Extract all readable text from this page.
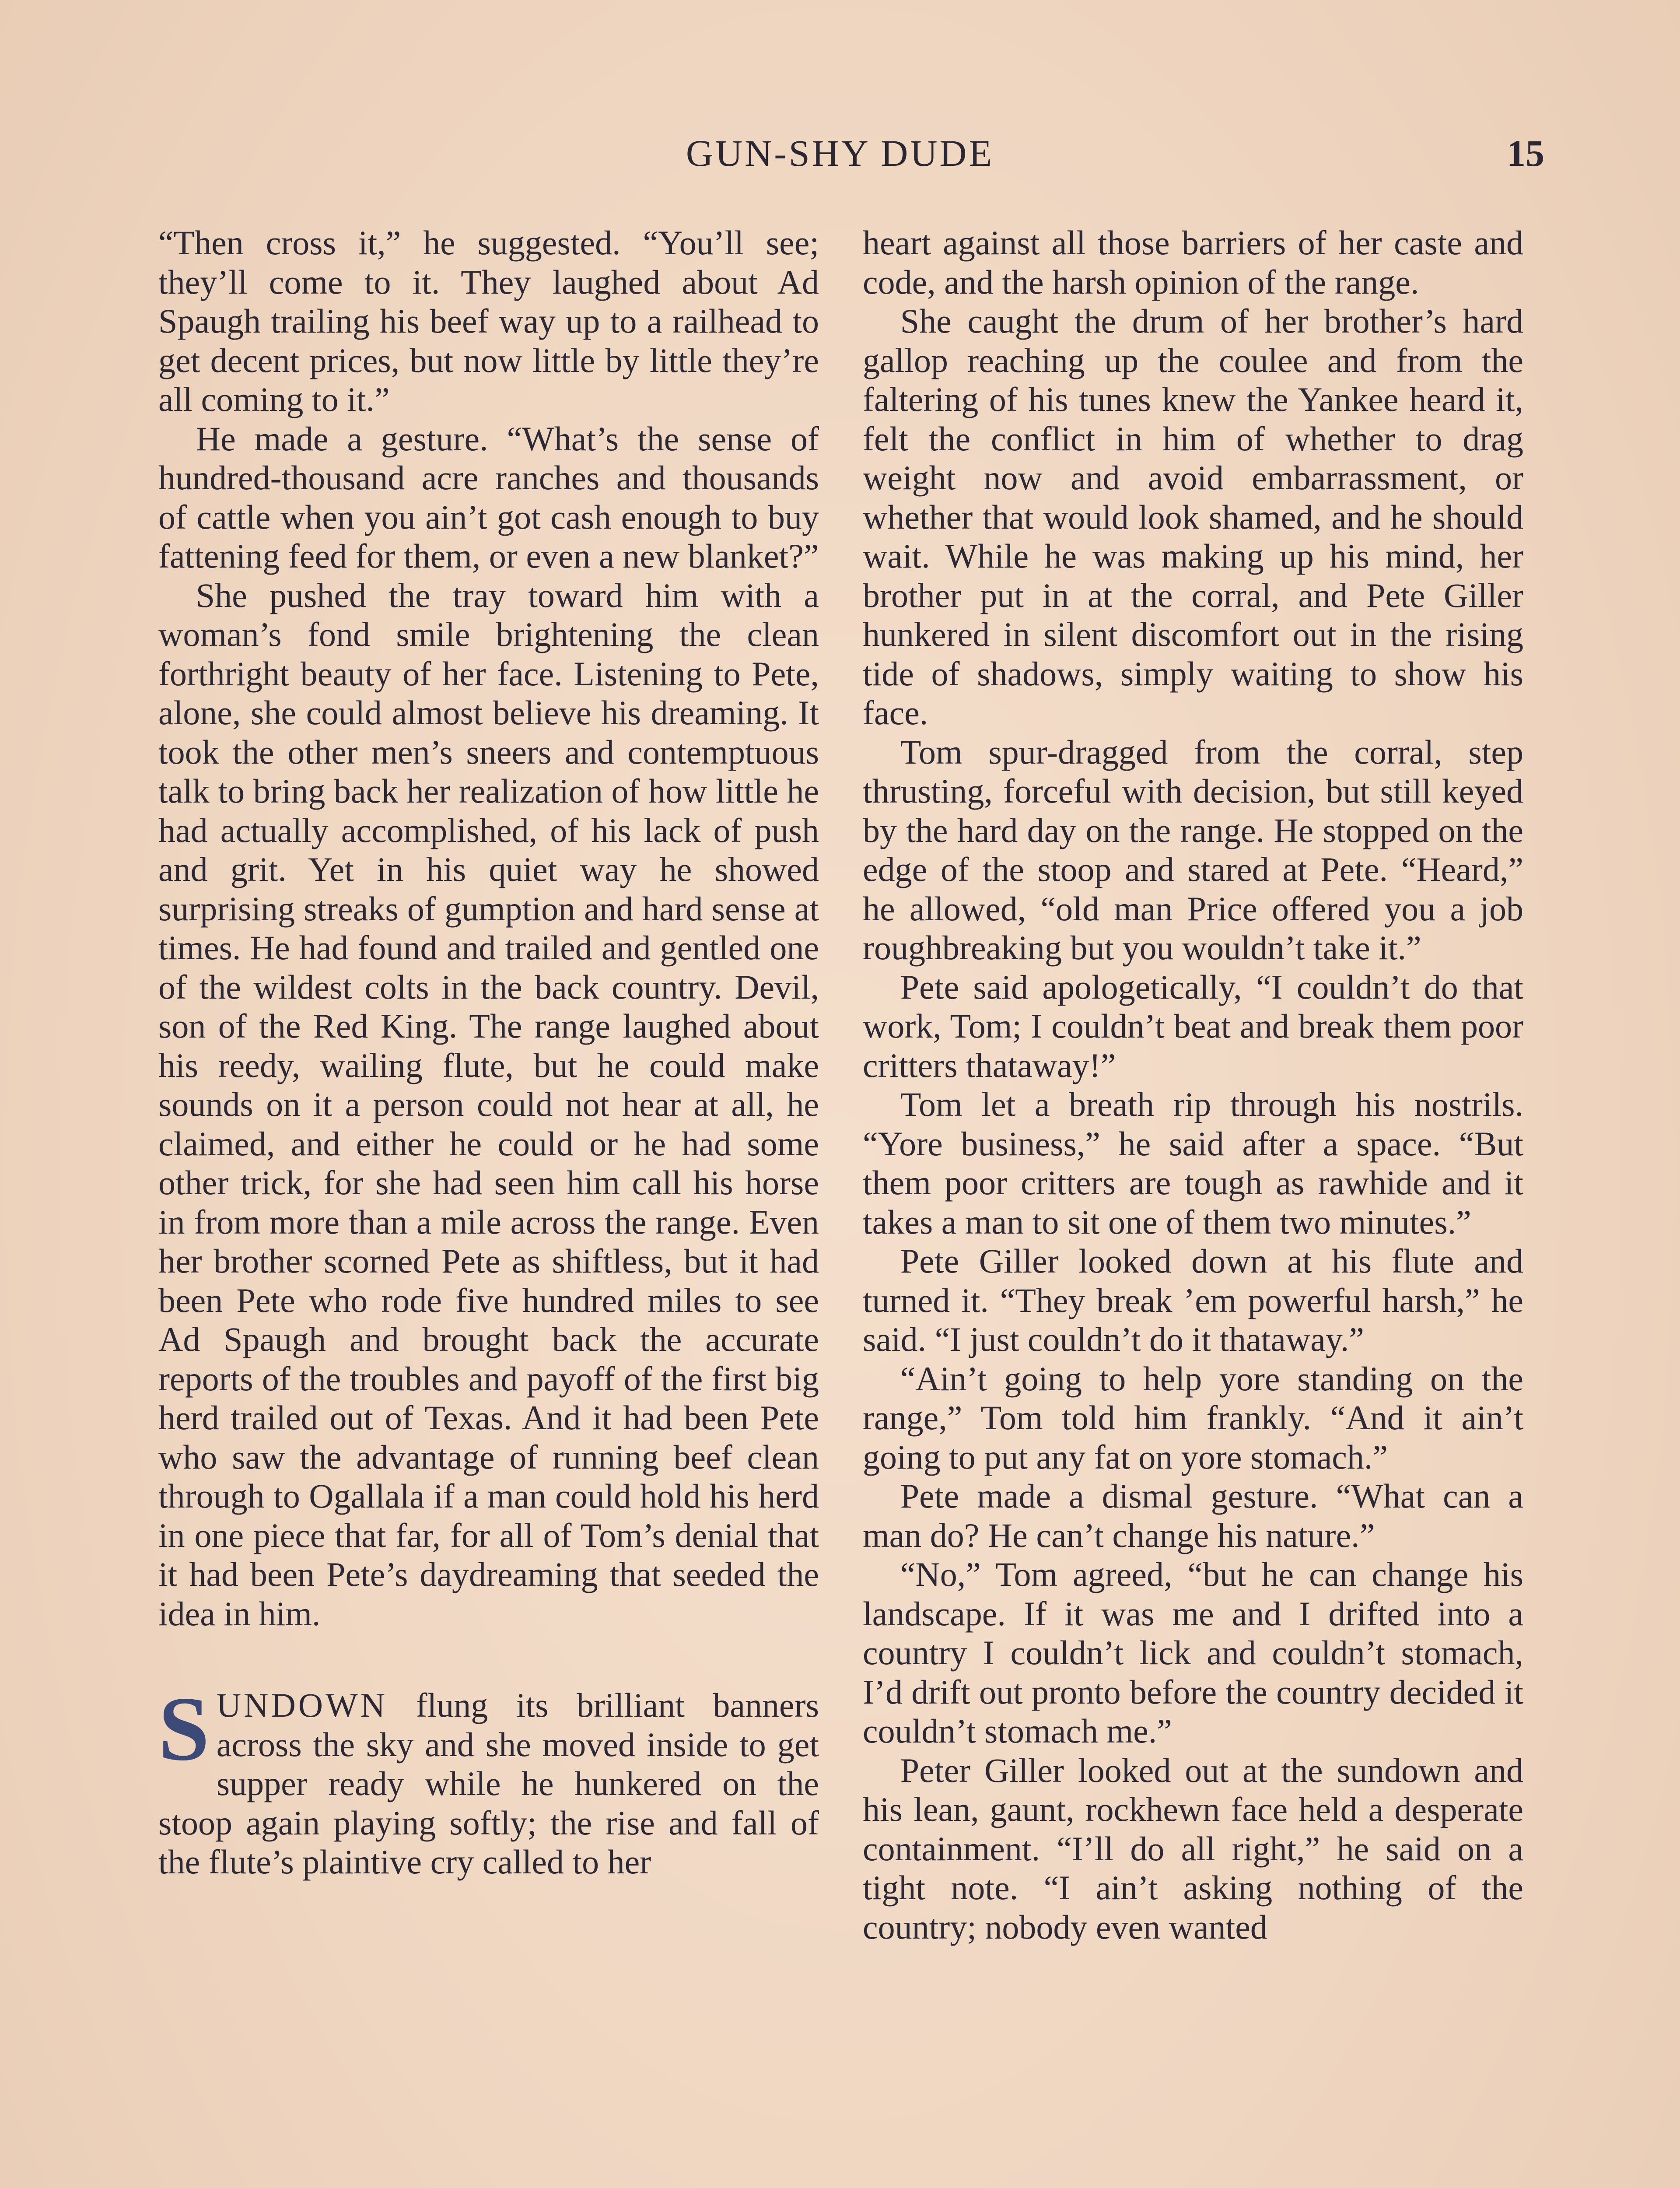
GUN-SHY DUDE	15

“Then cross it,” he suggested. “You’ll see; they’ll come to it. They laughed about Ad Spaugh trailing his beef way up to a railhead to get decent prices, but now little by little they’re all coming to it.”

He made a gesture. “What’s the sense of hundred-thousand acre ranches and thousands of cattle when you ain’t got cash enough to buy fattening feed for them, or even a new blanket?”

She pushed the tray toward him with a woman’s fond smile brightening the clean forthright beauty of her face. Listening to Pete, alone, she could almost believe his dreaming. It took the other men’s sneers and contemptuous talk to bring back her realization of how little he had actually accomplished, of his lack of push and grit. Yet in his quiet way he showed surprising streaks of gumption and hard sense at times. He had found and trailed and gentled one of the wildest colts in the back country. Devil, son of the Red King. The range laughed about his reedy, wailing flute, but he could make sounds on it a person could not hear at all, he claimed, and either he could or he had some other trick, for she had seen him call his horse in from more than a mile across the range. Even her brother scorned Pete as shiftless, but it had been Pete who rode five hundred miles to see Ad Spaugh and brought back the accurate reports of the troubles and payoff of the first big herd trailed out of Texas. And it had been Pete who saw the advantage of running beef clean through to Ogallala if a man could hold his herd in one piece that far, for all of Tom’s denial that it had been Pete’s daydreaming that seeded the idea in him.

SUNDOWN flung its brilliant banners across the sky and she moved inside to get supper ready while he hunkered on the stoop again playing softly; the rise and fall of the flute’s plaintive cry called to her

heart against all those barriers of her caste and code, and the harsh opinion of the range.

She caught the drum of her brother’s hard gallop reaching up the coulee and from the faltering of his tunes knew the Yankee heard it, felt the conflict in him of whether to drag weight now and avoid embarrassment, or whether that would look shamed, and he should wait. While he was making up his mind, her brother put in at the corral, and Pete Giller hunkered in silent discomfort out in the rising tide of shadows, simply waiting to show his face.

Tom spur-dragged from the corral, step thrusting, forceful with decision, but still keyed by the hard day on the range. He stopped on the edge of the stoop and stared at Pete. “Heard,” he allowed, “old man Price offered you a job roughbreaking but you wouldn’t take it.”

Pete said apologetically, “I couldn’t do that work, Tom; I couldn’t beat and break them poor critters thataway!”

Tom let a breath rip through his nostrils. “Yore business,” he said after a space. “But them poor critters are tough as rawhide and it takes a man to sit one of them two minutes.”

Pete Giller looked down at his flute and turned it. “They break ’em powerful harsh,” he said. “I just couldn’t do it thataway.”

“Ain’t going to help yore standing on the range,” Tom told him frankly. “And it ain’t going to put any fat on yore stomach.”

Pete made a dismal gesture. “What can a man do? He can’t change his nature.”

“No,” Tom agreed, “but he can change his landscape. If it was me and I drifted into a country I couldn’t lick and couldn’t stomach, I’d drift out pronto before the country decided it couldn’t stomach me.”

Peter Giller looked out at the sundown and his lean, gaunt, rockhewn face held a desperate containment. “I’ll do all right,” he said on a tight note. “I ain’t asking nothing of the country; nobody even wanted
